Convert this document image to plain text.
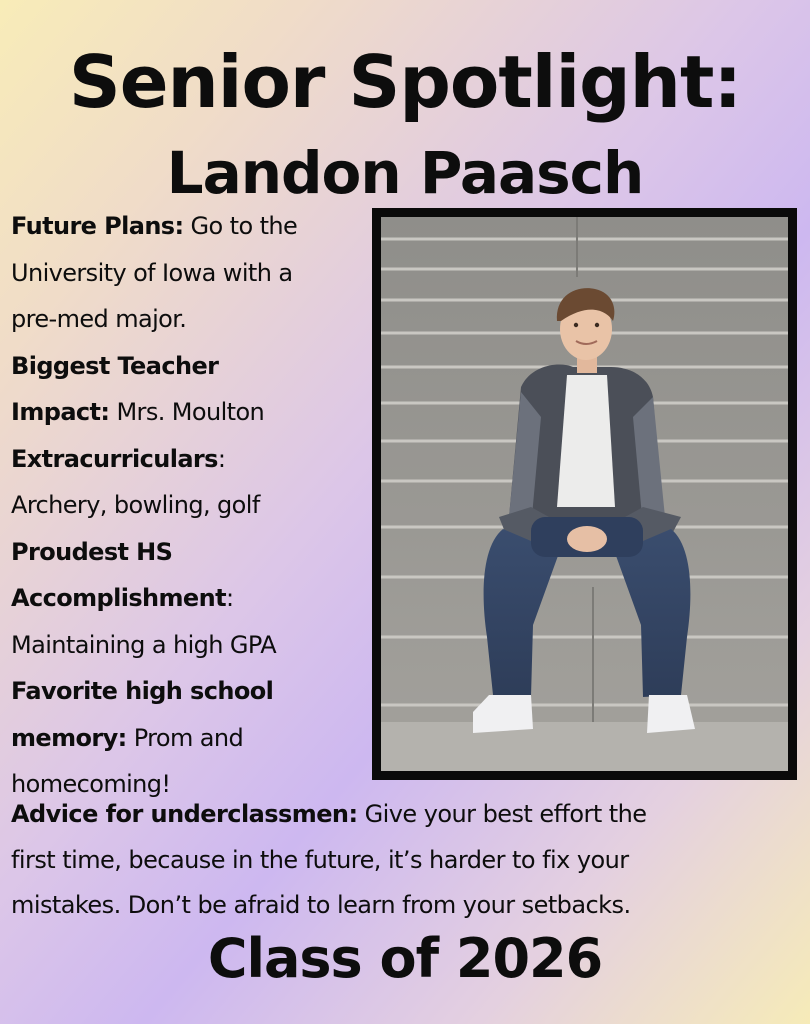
Senior Spotlight:
Landon Paasch

Future Plans: Go to the

University of Iowa with a

pre-med major.

Biggest Teacher

Impact: Mrs. Moulton

Extracurriculars:

Archery, bowling, golf

Proudest HS

Accomplishment:

Maintaining a high GPA

Favorite high school

memory: Prom and

homecoming!

Advice for underclassmen: Give your best effort the

first time, because in the future, it’s harder to fix your

mistakes. Don’t be afraid to learn from your setbacks.

Class of 2026
